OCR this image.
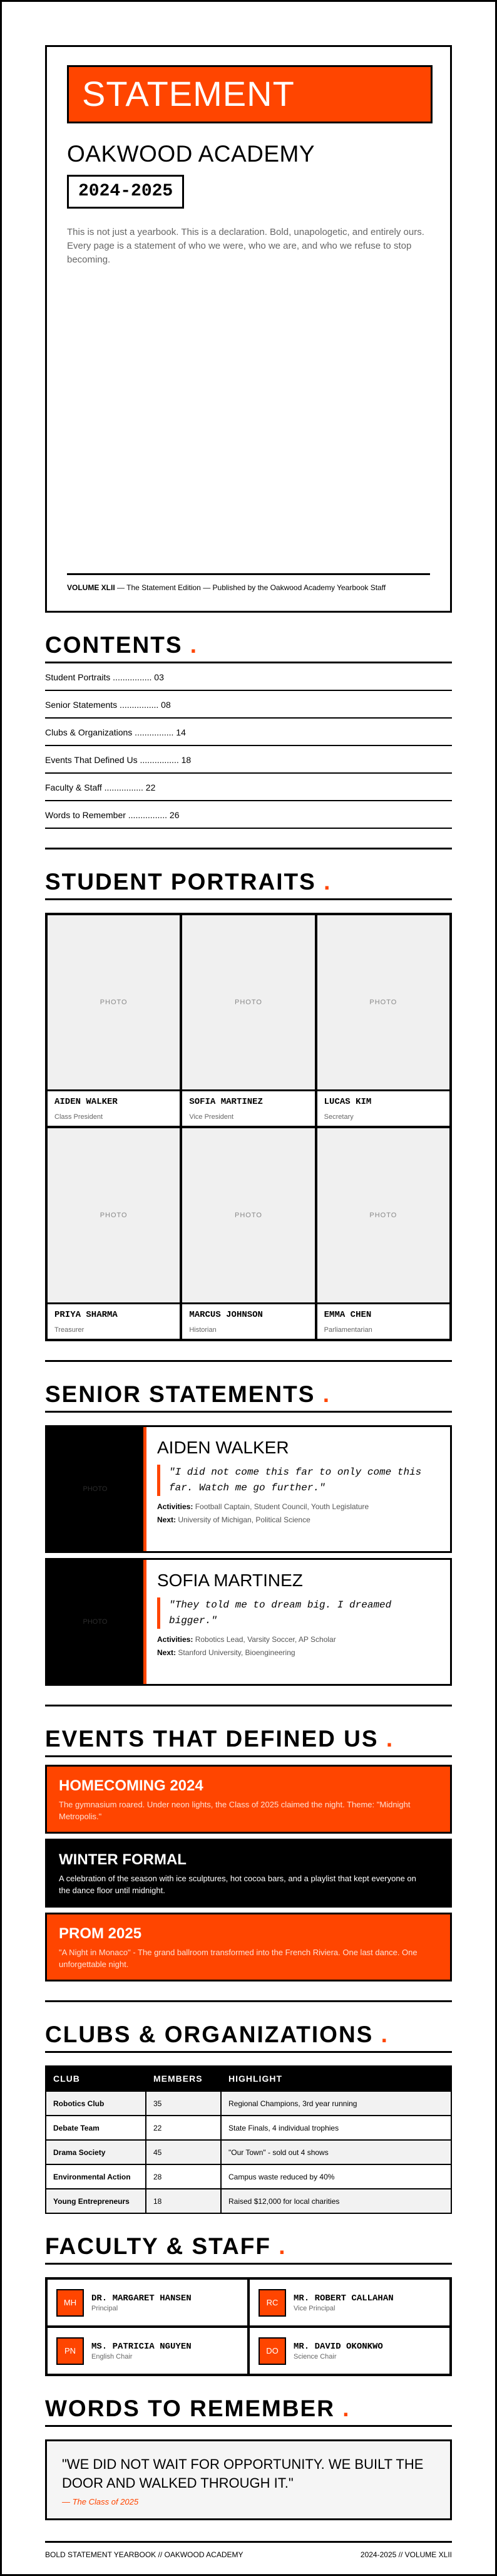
STATEMENT
OAKWOOD ACADEMY
2024-2025
This is not just a yearbook. This is a declaration. Bold, unapologetic, and entirely ours. Every page is a statement of who we were, who we are, and who we refuse to stop becoming.
VOLUME XLII — The Statement Edition — Published by the Oakwood Academy Yearbook Staff
CONTENTS .
Student Portraits ................ 03
Senior Statements ................ 08
Clubs & Organizations ................ 14
Events That Defined Us ................ 18
Faculty & Staff ................ 22
Words to Remember ................ 26
STUDENT PORTRAITS .
PHOTO
AIDEN WALKER
Class President
PHOTO
SOFIA MARTINEZ
Vice President
PHOTO
LUCAS KIM
Secretary
PHOTO
PRIYA SHARMA
Treasurer
PHOTO
MARCUS JOHNSON
Historian
PHOTO
EMMA CHEN
Parliamentarian
SENIOR STATEMENTS .
PHOTO
AIDEN WALKER
"I did not come this far to only come this far. Watch me go further."
Activities: Football Captain, Student Council, Youth Legislature
Next: University of Michigan, Political Science
PHOTO
SOFIA MARTINEZ
"They told me to dream big. I dreamed bigger."
Activities: Robotics Lead, Varsity Soccer, AP Scholar
Next: Stanford University, Bioengineering
EVENTS THAT DEFINED US .
HOMECOMING 2024
The gymnasium roared. Under neon lights, the Class of 2025 claimed the night. Theme: "Midnight Metropolis."
WINTER FORMAL
A celebration of the season with ice sculptures, hot cocoa bars, and a playlist that kept everyone on the dance floor until midnight.
PROM 2025
"A Night in Monaco" - The grand ballroom transformed into the French Riviera. One last dance. One unforgettable night.
CLUBS & ORGANIZATIONS .
CLUB	MEMBERS	HIGHLIGHT
Robotics Club	35	Regional Champions, 3rd year running
Debate Team	22	State Finals, 4 individual trophies
Drama Society	45	"Our Town" - sold out 4 shows
Environmental Action	28	Campus waste reduced by 40%
Young Entrepreneurs	18	Raised $12,000 for local charities
FACULTY & STAFF .
MH	DR. MARGARET HANSEN
Principal
RC	MR. ROBERT CALLAHAN
Vice Principal
PN	MS. PATRICIA NGUYEN
English Chair
DO	MR. DAVID OKONKWO
Science Chair
WORDS TO REMEMBER .
"WE DID NOT WAIT FOR OPPORTUNITY. WE BUILT THE DOOR AND WALKED THROUGH IT."
— The Class of 2025
BOLD STATEMENT YEARBOOK // OAKWOOD ACADEMY	2024-2025 // VOLUME XLII
